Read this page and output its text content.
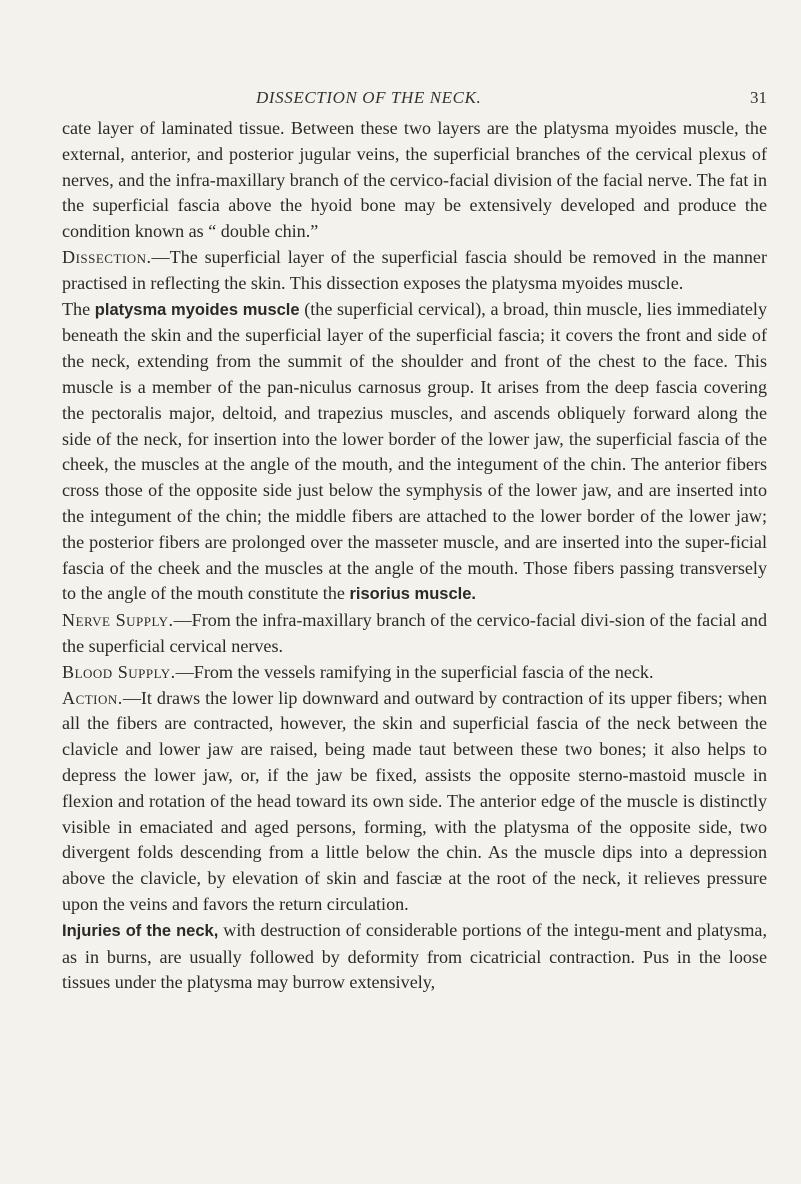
DISSECTION OF THE NECK.	31

cate layer of laminated tissue. Between these two layers are the platysma myoides muscle, the external, anterior, and posterior jugular veins, the superficial branches of the cervical plexus of nerves, and the infra-maxillary branch of the cervico-facial division of the facial nerve. The fat in the superficial fascia above the hyoid bone may be extensively developed and produce the condition known as “ double chin.”

Dissection.—The superficial layer of the superficial fascia should be removed in the manner practised in reflecting the skin. This dissection exposes the platysma myoides muscle.

The platysma myoides muscle (the superficial cervical), a broad, thin muscle, lies immediately beneath the skin and the superficial layer of the superficial fascia; it covers the front and side of the neck, extending from the summit of the shoulder and front of the chest to the face. This muscle is a member of the pan-niculus carnosus group. It arises from the deep fascia covering the pectoralis major, deltoid, and trapezius muscles, and ascends obliquely forward along the side of the neck, for insertion into the lower border of the lower jaw, the superficial fascia of the cheek, the muscles at the angle of the mouth, and the integument of the chin. The anterior fibers cross those of the opposite side just below the symphysis of the lower jaw, and are inserted into the integument of the chin; the middle fibers are attached to the lower border of the lower jaw; the posterior fibers are prolonged over the masseter muscle, and are inserted into the super-ficial fascia of the cheek and the muscles at the angle of the mouth. Those fibers passing transversely to the angle of the mouth constitute the risorius muscle.

Nerve Supply.—From the infra-maxillary branch of the cervico-facial divi-sion of the facial and the superficial cervical nerves.

Blood Supply.—From the vessels ramifying in the superficial fascia of the neck.

Action.—It draws the lower lip downward and outward by contraction of its upper fibers; when all the fibers are contracted, however, the skin and superficial fascia of the neck between the clavicle and lower jaw are raised, being made taut between these two bones; it also helps to depress the lower jaw, or, if the jaw be fixed, assists the opposite sterno-mastoid muscle in flexion and rotation of the head toward its own side. The anterior edge of the muscle is distinctly visible in emaciated and aged persons, forming, with the platysma of the opposite side, two divergent folds descending from a little below the chin. As the muscle dips into a depression above the clavicle, by elevation of skin and fasciæ at the root of the neck, it relieves pressure upon the veins and favors the return circulation.

Injuries of the neck, with destruction of considerable portions of the integu-ment and platysma, as in burns, are usually followed by deformity from cicatricial contraction. Pus in the loose tissues under the platysma may burrow extensively,
